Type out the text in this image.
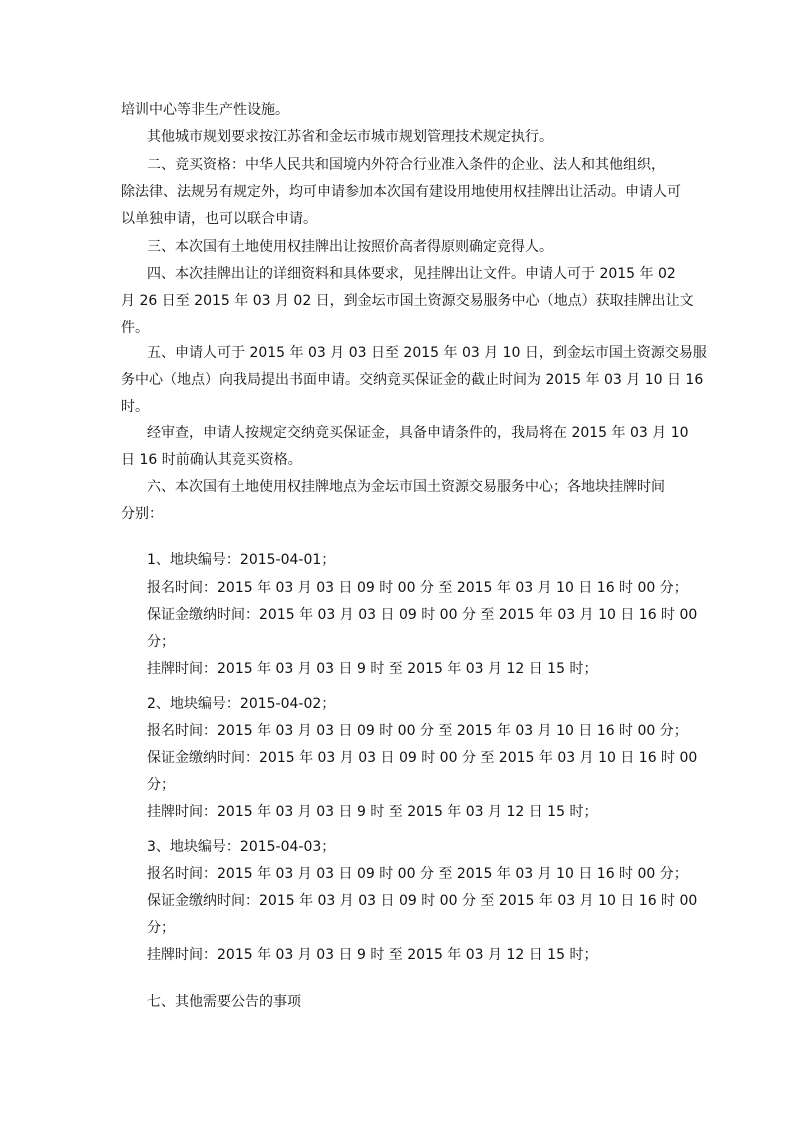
培训中心等非生产性设施。
其他城市规划要求按江苏省和金坛市城市规划管理技术规定执行。
二、竞买资格：中华人民共和国境内外符合行业准入条件的企业、法人和其他组织，
除法律、法规另有规定外，均可申请参加本次国有建设用地使用权挂牌出让活动。申请人可
以单独申请，也可以联合申请。
三、本次国有土地使用权挂牌出让按照价高者得原则确定竞得人。
四、本次挂牌出让的详细资料和具体要求，见挂牌出让文件。申请人可于 2015 年 02
月 26 日至 2015 年 03 月 02 日，到金坛市国土资源交易服务中心（地点）获取挂牌出让文
件。
五、申请人可于 2015 年 03 月 03 日至 2015 年 03 月 10 日，到金坛市国土资源交易服
务中心（地点）向我局提出书面申请。交纳竞买保证金的截止时间为 2015 年 03 月 10 日 16
时。
经审查，申请人按规定交纳竞买保证金，具备申请条件的，我局将在 2015 年 03 月 10
日 16 时前确认其竞买资格。
六、本次国有土地使用权挂牌地点为金坛市国土资源交易服务中心；各地块挂牌时间
分别：
1、地块编号：2015-04-01；
报名时间：2015 年 03 月 03 日 09 时 00 分 至 2015 年 03 月 10 日 16 时 00 分；
保证金缴纳时间：2015 年 03 月 03 日 09 时 00 分 至 2015 年 03 月 10 日 16 时 00
分；
挂牌时间：2015 年 03 月 03 日 9 时 至 2015 年 03 月 12 日 15 时；
2、地块编号：2015-04-02；
报名时间：2015 年 03 月 03 日 09 时 00 分 至 2015 年 03 月 10 日 16 时 00 分；
保证金缴纳时间：2015 年 03 月 03 日 09 时 00 分 至 2015 年 03 月 10 日 16 时 00
分；
挂牌时间：2015 年 03 月 03 日 9 时 至 2015 年 03 月 12 日 15 时；
3、地块编号：2015-04-03；
报名时间：2015 年 03 月 03 日 09 时 00 分 至 2015 年 03 月 10 日 16 时 00 分；
保证金缴纳时间：2015 年 03 月 03 日 09 时 00 分 至 2015 年 03 月 10 日 16 时 00
分；
挂牌时间：2015 年 03 月 03 日 9 时 至 2015 年 03 月 12 日 15 时；
七、其他需要公告的事项
